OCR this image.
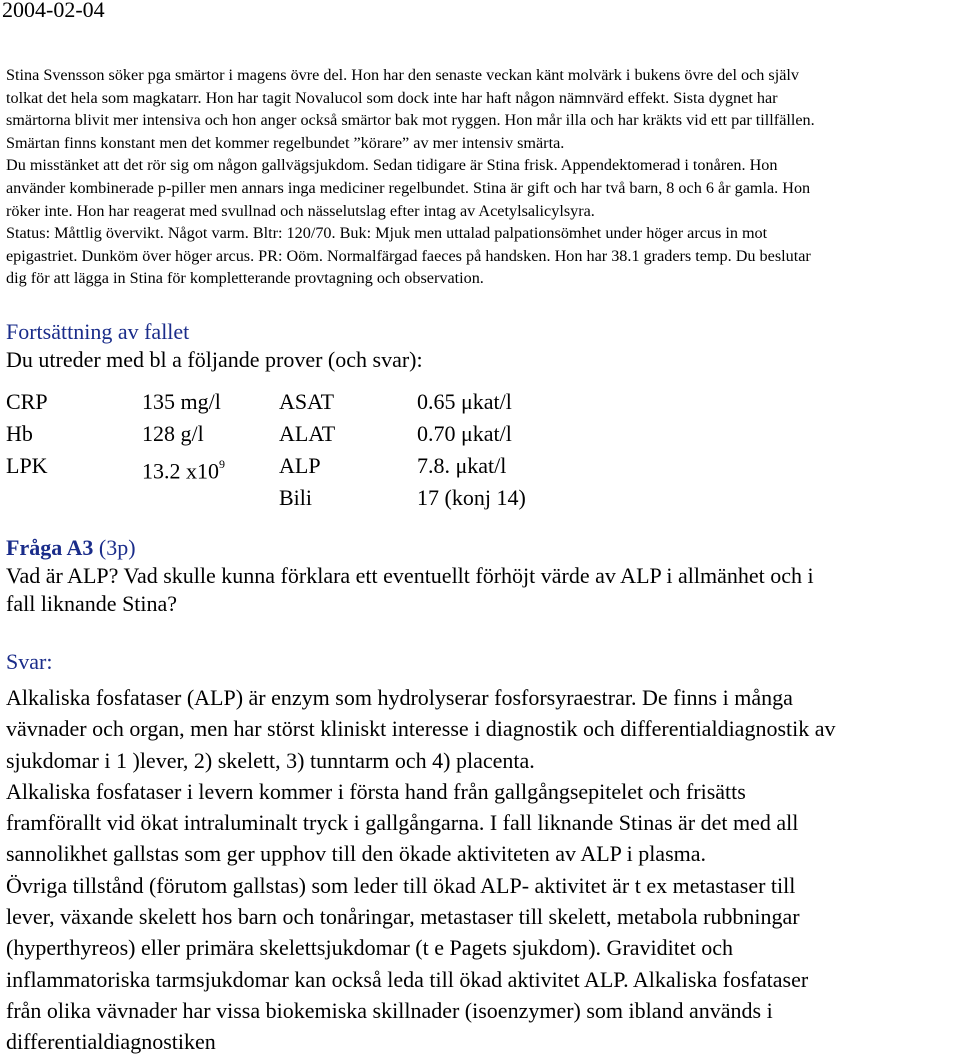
2004-02-04

Stina Svensson söker pga smärtor i magens övre del. Hon har den senaste veckan känt molvärk i bukens övre del och själv

tolkat det hela som magkatarr. Hon har tagit Novalucol som dock inte har haft någon nämnvärd effekt. Sista dygnet har

smärtorna blivit mer intensiva och hon anger också smärtor bak mot ryggen. Hon mår illa och har kräkts vid ett par tillfällen.

Smärtan finns konstant men det kommer regelbundet ”körare” av mer intensiv smärta.

Du misstänket att det rör sig om någon gallvägsjukdom. Sedan tidigare är Stina frisk. Appendektomerad i tonåren. Hon

använder kombinerade p-piller men annars inga mediciner regelbundet. Stina är gift och har två barn, 8 och 6 år gamla. Hon

röker inte. Hon har reagerat med svullnad och nässelutslag efter intag av Acetylsalicylsyra.

Status: Måttlig övervikt. Något varm. Bltr: 120/70. Buk: Mjuk men uttalad palpationsömhet under höger arcus in mot

epigastriet. Dunköm över höger arcus. PR: Oöm. Normalfärgad faeces på handsken. Hon har 38.1 graders temp. Du beslutar

dig för att lägga in Stina för kompletterande provtagning och observation.

Fortsättning av fallet
Du utreder med bl a följande prover (och svar):
CRP	135 mg/l	ASAT	0.65 μkat/l
Hb	128 g/l	ALAT	0.70 μkat/l
LPK	13.2 $x10^9$ ALP	7.8. μkat/l
Bili	17 (konj 14)

Fråga A3 (3p)

Vad är ALP? Vad skulle kunna förklara ett eventuellt förhöjt värde av ALP i allmänhet och i

fall liknande Stina?

Svar:

Alkaliska fosfataser (ALP) är enzym som hydrolyserar fosforsyraestrar. De finns i många

vävnader och organ, men har störst kliniskt interesse i diagnostik och differentialdiagnostik av

sjukdomar i 1 )lever, 2) skelett, 3) tunntarm och 4) placenta.

Alkaliska fosfataser i levern kommer i första hand från gallgångsepitelet och frisätts

framförallt vid ökat intraluminalt tryck i gallgångarna. I fall liknande Stinas är det med all

sannolikhet gallstas som ger upphov till den ökade aktiviteten av ALP i plasma.

Övriga tillstånd (förutom gallstas) som leder till ökad ALP- aktivitet är t ex metastaser till

lever, växande skelett hos barn och tonåringar, metastaser till skelett, metabola rubbningar

(hyperthyreos) eller primära skelettsjukdomar (t e Pagets sjukdom). Graviditet och

inflammatoriska tarmsjukdomar kan också leda till ökad aktivitet ALP. Alkaliska fosfataser

från olika vävnader har vissa biokemiska skillnader (isoenzymer) som ibland används i

differentialdiagnostiken
